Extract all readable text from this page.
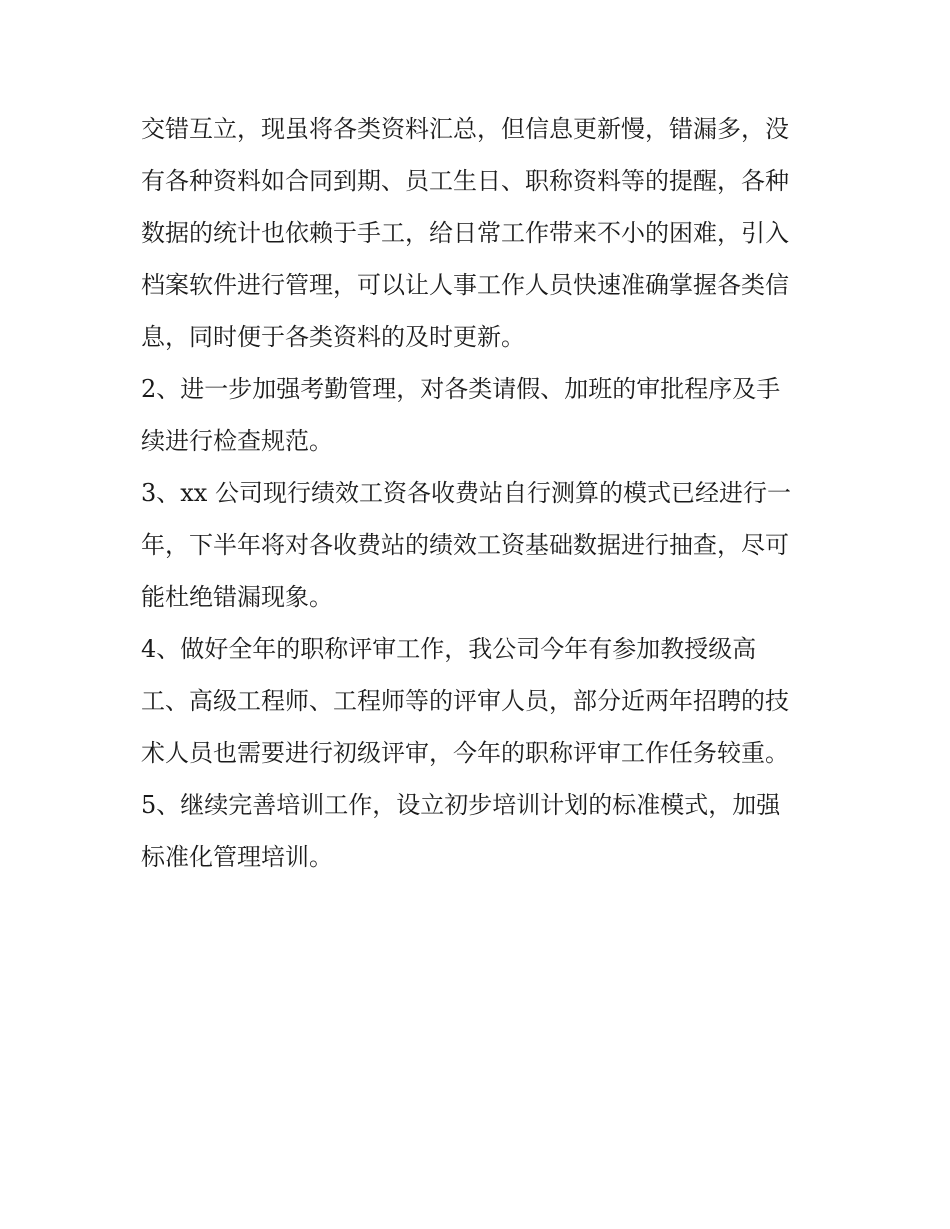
交错互立，现虽将各类资料汇总，但信息更新慢，错漏多，没
有各种资料如合同到期、员工生日、职称资料等的提醒，各种
数据的统计也依赖于手工，给日常工作带来不小的困难，引入
档案软件进行管理，可以让人事工作人员快速准确掌握各类信
息，同时便于各类资料的及时更新。
2、进一步加强考勤管理，对各类请假、加班的审批程序及手
续进行检查规范。
3、xx 公司现行绩效工资各收费站自行测算的模式已经进行一
年，下半年将对各收费站的绩效工资基础数据进行抽查，尽可
能杜绝错漏现象。
4、做好全年的职称评审工作，我公司今年有参加教授级高
工、高级工程师、工程师等的评审人员，部分近两年招聘的技
术人员也需要进行初级评审，今年的职称评审工作任务较重。
5、继续完善培训工作，设立初步培训计划的标准模式，加强
标准化管理培训。
